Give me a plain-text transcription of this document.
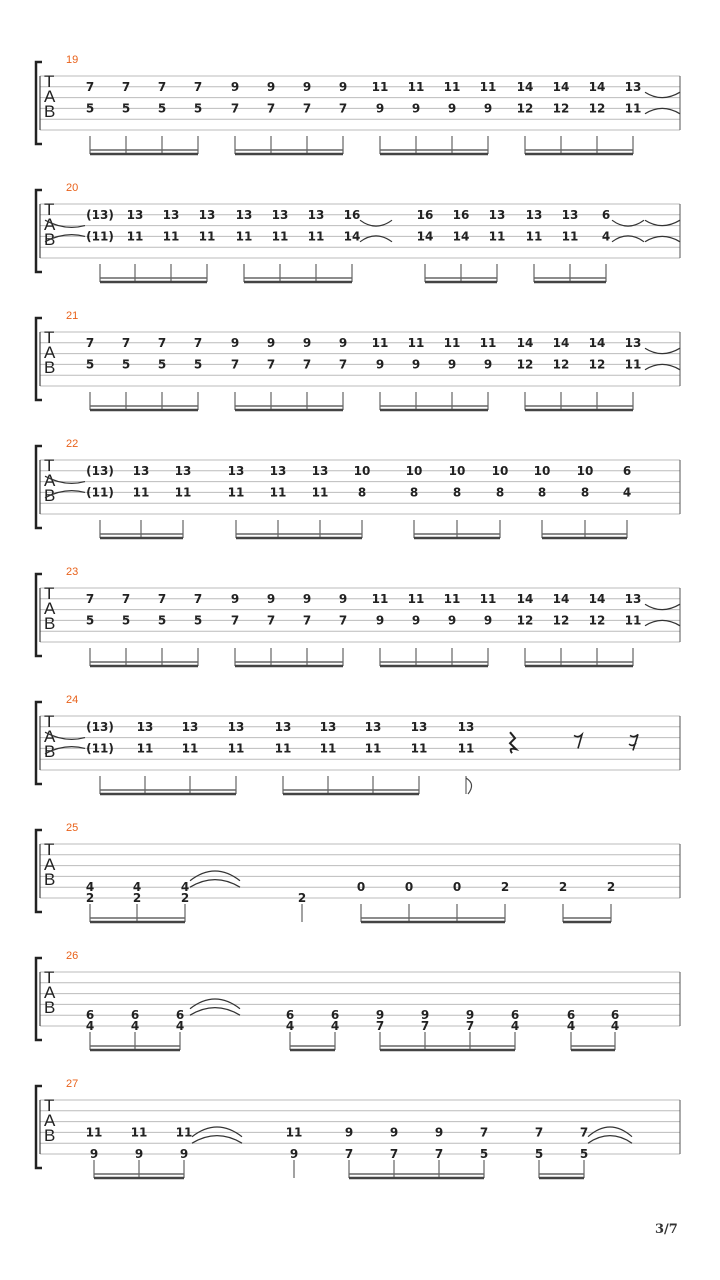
T
A
B
19
7 7 7 7 9 9 9 9 11 11 11 11 14 14 14 13
5 5 5 5 7 7 7 7 9 9 9 9 12 12 12 11
T
A
B
20
(13) 13 13 13 13 13 13 16	16 16 13 13 13 6
(11) 11 11 11 11 11 11 14	14 14 11 11 11 4
T
A
B
21
7 7 7 7 9 9 9 9 11 11 11 11 14 14 14 13
5 5 5 5 7 7 7 7 9 9 9 9 12 12 12 11
T
A
B
22
(13) 13 13	13 13 13 10	10 10 10 10 10 6
(11) 11 11	11 11 11 8	8	8	8	8	8	4
T
A
B
23
7 7 7 7 9 9 9 9 11 11 11 11 14 14 14 13
5 5 5 5 7 7 7 7 9 9 9 9 12 12 12 11
T
A
B
24
(13) 13 13 13	13 13 13 13	13
(11) 11 11 11	11 11 11 11	11
T
A
B
25
4	4	4	0	0	0	2	2	2
2	2	2	2
T
A
B
26
6	6	6	6	6	9	9	9	6	6	6
4	4	4	4	4	7	7	7	4	4	4
T
A
B
27
11 11 11	11	9	9	9	7	7	7
9	9	9	9	7	7	7	5	5	5
3/7
